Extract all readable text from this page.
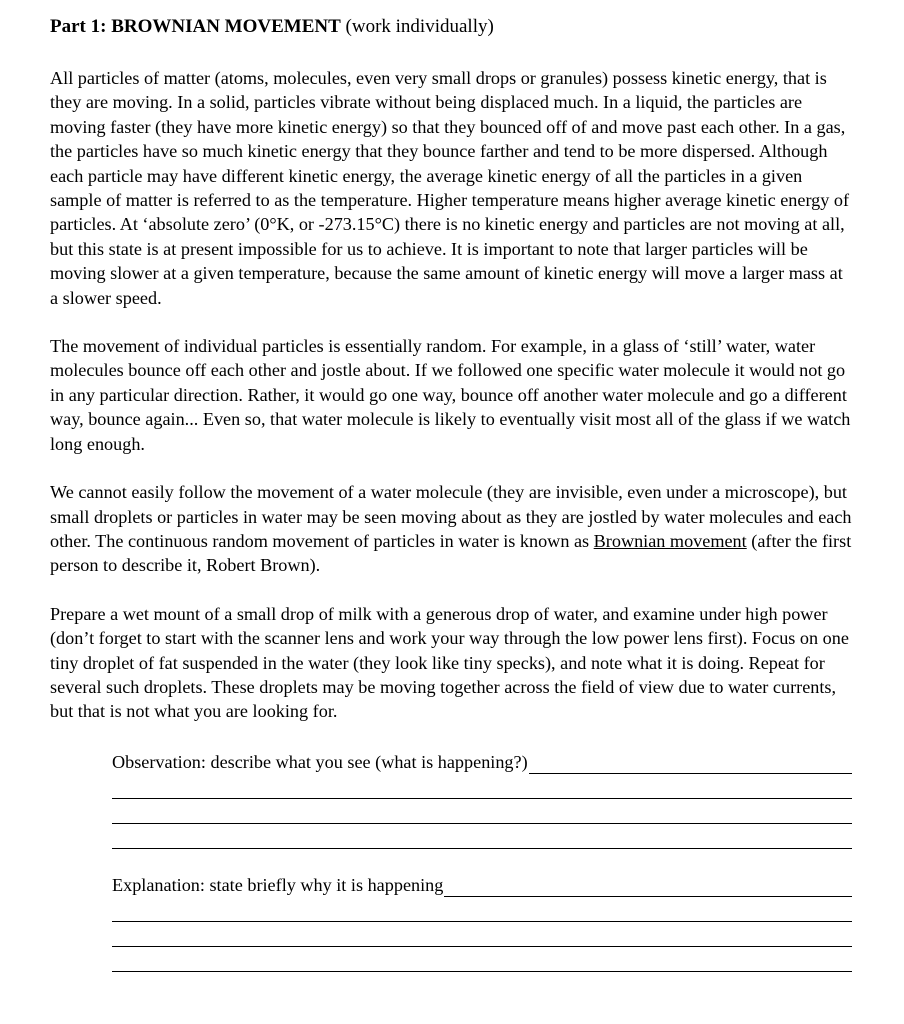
Part 1: BROWNIAN MOVEMENT (work individually)

All particles of matter (atoms, molecules, even very small drops or granules) possess kinetic energy, that is they are moving. In a solid, particles vibrate without being displaced much. In a liquid, the particles are moving faster (they have more kinetic energy) so that they bounced off of and move past each other. In a gas, the particles have so much kinetic energy that they bounce farther and tend to be more dispersed. Although each particle may have different kinetic energy, the average kinetic energy of all the particles in a given sample of matter is referred to as the temperature. Higher temperature means higher average kinetic energy of particles. At ‘absolute zero’ (0°K, or -273.15°C) there is no kinetic energy and particles are not moving at all, but this state is at present impossible for us to achieve. It is important to note that larger particles will be moving slower at a given temperature, because the same amount of kinetic energy will move a larger mass at a slower speed.

The movement of individual particles is essentially random. For example, in a glass of ‘still’ water, water molecules bounce off each other and jostle about. If we followed one specific water molecule it would not go in any particular direction. Rather, it would go one way, bounce off another water molecule and go a different way, bounce again... Even so, that water molecule is likely to eventually visit most all of the glass if we watch long enough.

We cannot easily follow the movement of a water molecule (they are invisible, even under a microscope), but small droplets or particles in water may be seen moving about as they are jostled by water molecules and each other. The continuous random movement of particles in water is known as Brownian movement (after the first person to describe it, Robert Brown).

Prepare a wet mount of a small drop of milk with a generous drop of water, and examine under high power (don’t forget to start with the scanner lens and work your way through the low power lens first). Focus on one tiny droplet of fat suspended in the water (they look like tiny specks), and note what it is doing. Repeat for several such droplets. These droplets may be moving together across the field of view due to water currents, but that is not what you are looking for.

Observation: describe what you see (what is happening?)
Explanation: state briefly why it is happening
